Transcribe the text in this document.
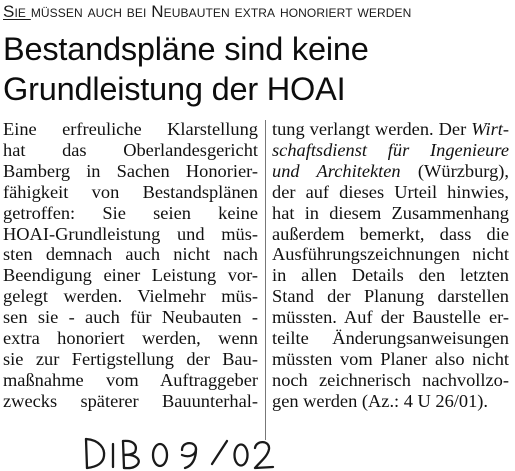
Sie müssen auch bei Neubauten extra honoriert werden
Bestandspläne sind keine
Grundleistung der HOAI
Eine erfreuliche Klarstellung
hat das Oberlandesgericht
Bamberg in Sachen Honorier-
fähigkeit von Bestandsplänen
getroffen: Sie seien keine
HOAI-Grundleistung und müs-
sten demnach auch nicht nach
Beendigung einer Leistung vor-
gelegt werden. Vielmehr müs-
sen sie - auch für Neubauten -
extra honoriert werden, wenn
sie zur Fertigstellung der Bau-
maßnahme vom Auftraggeber
zwecks späterer Bauunterhal-
tung verlangt werden. Der Wirt-
schaftsdienst für Ingenieure
und Architekten (Würzburg),
der auf dieses Urteil hinwies,
hat in diesem Zusammenhang
außerdem bemerkt, dass die
Ausführungszeichnungen nicht
in allen Details den letzten
Stand der Planung darstellen
müssten. Auf der Baustelle er-
teilte Änderungsanweisungen
müssten vom Planer also nicht
noch zeichnerisch nachvollzo-
gen werden (Az.: 4 U 26/01).
